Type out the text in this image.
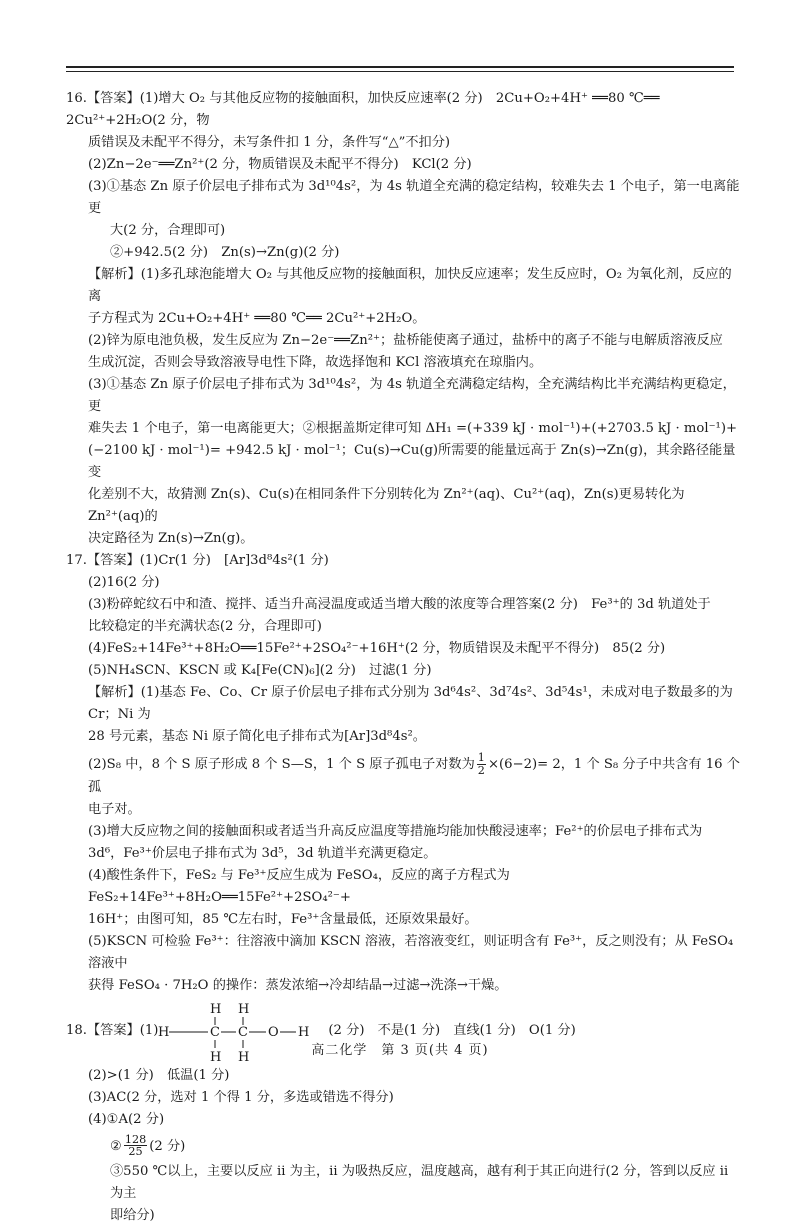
16.【答案】(1)增大 O₂ 与其他反应物的接触面积，加快反应速率(2 分)　2Cu+O₂+4H⁺ ══80 ℃══ 2Cu²⁺+2H₂O(2 分，物

质错误及未配平不得分，未写条件扣 1 分，条件写“△”不扣分)

(2)Zn−2e⁻══Zn²⁺(2 分，物质错误及未配平不得分)　KCl(2 分)

(3)①基态 Zn 原子价层电子排布式为 3d¹⁰4s²，为 4s 轨道全充满的稳定结构，较难失去 1 个电子，第一电离能更

大(2 分，合理即可)

②+942.5(2 分)　Zn(s)→Zn(g)(2 分)

【解析】(1)多孔球泡能增大 O₂ 与其他反应物的接触面积，加快反应速率；发生反应时，O₂ 为氧化剂，反应的离

子方程式为 2Cu+O₂+4H⁺ ══80 ℃══ 2Cu²⁺+2H₂O。

(2)锌为原电池负极，发生反应为 Zn−2e⁻══Zn²⁺；盐桥能使离子通过，盐桥中的离子不能与电解质溶液反应

生成沉淀，否则会导致溶液导电性下降，故选择饱和 KCl 溶液填充在琼脂内。

(3)①基态 Zn 原子价层电子排布式为 3d¹⁰4s²，为 4s 轨道全充满稳定结构，全充满结构比半充满结构更稳定，更

难失去 1 个电子，第一电离能更大；②根据盖斯定律可知 ΔH₁ =(+339 kJ · mol⁻¹)+(+2703.5 kJ · mol⁻¹)+

(−2100 kJ · mol⁻¹)= +942.5 kJ · mol⁻¹；Cu(s)→Cu(g)所需要的能量远高于 Zn(s)→Zn(g)，其余路径能量变

化差别不大，故猜测 Zn(s)、Cu(s)在相同条件下分别转化为 Zn²⁺(aq)、Cu²⁺(aq)，Zn(s)更易转化为 Zn²⁺(aq)的

决定路径为 Zn(s)→Zn(g)。

17.【答案】(1)Cr(1 分)　[Ar]3d⁸4s²(1 分)

(2)16(2 分)

(3)粉碎蛇纹石中和渣、搅拌、适当升高浸温度或适当增大酸的浓度等合理答案(2 分)　Fe³⁺的 3d 轨道处于

比较稳定的半充满状态(2 分，合理即可)

(4)FeS₂+14Fe³⁺+8H₂O══15Fe²⁺+2SO₄²⁻+16H⁺(2 分，物质错误及未配平不得分)　85(2 分)

(5)NH₄SCN、KSCN 或 K₄[Fe(CN)₆](2 分)　过滤(1 分)

【解析】(1)基态 Fe、Co、Cr 原子价层电子排布式分别为 3d⁶4s²、3d⁷4s²、3d⁵4s¹，未成对电子数最多的为 Cr；Ni 为

28 号元素，基态 Ni 原子简化电子排布式为[Ar]3d⁸4s²。

(2)S₈ 中，8 个 S 原子形成 8 个 S—S，1 个 S 原子孤电子对数为 $\frac{1}{2} \times(6-2)= 2$，1 个 S₈ 分子中共含有 16 个孤

电子对。

(3)增大反应物之间的接触面积或者适当升高反应温度等措施均能加快酸浸速率；Fe²⁺的价层电子排布式为

3d⁶，Fe³⁺价层电子排布式为 3d⁵，3d 轨道半充满更稳定。

(4)酸性条件下，FeS₂ 与 Fe³⁺反应生成为 FeSO₄，反应的离子方程式为 FeS₂+14Fe³⁺+8H₂O══15Fe²⁺+2SO₄²⁻+

16H⁺；由图可知，85 ℃左右时，Fe³⁺含量最低，还原效果最好。

(5)KSCN 可检验 Fe³⁺：往溶液中滴加 KSCN 溶液，若溶液变红，则证明含有 Fe³⁺，反之则没有；从 FeSO₄ 溶液中

获得 FeSO₄ · 7H₂O 的操作：蒸发浓缩→冷却结晶→过滤→洗涤→干燥。

18.【答案】(1)
H H
H	C C O H
H H
(2 分)　不是(1 分)　直线(1 分)　O(1 分)

(2)>(1 分)　低温(1 分)

(3)AC(2 分，选对 1 个得 1 分，多选或错选不得分)

(4)①A(2 分)

② $\frac{128}{25} (2$ 分)

③550 ℃以上，主要以反应 ⅱ 为主，ⅱ 为吸热反应，温度越高，越有利于其正向进行(2 分，答到以反应 ⅱ 为主

即给分)

高二化学　第 3 页(共 4 页)
